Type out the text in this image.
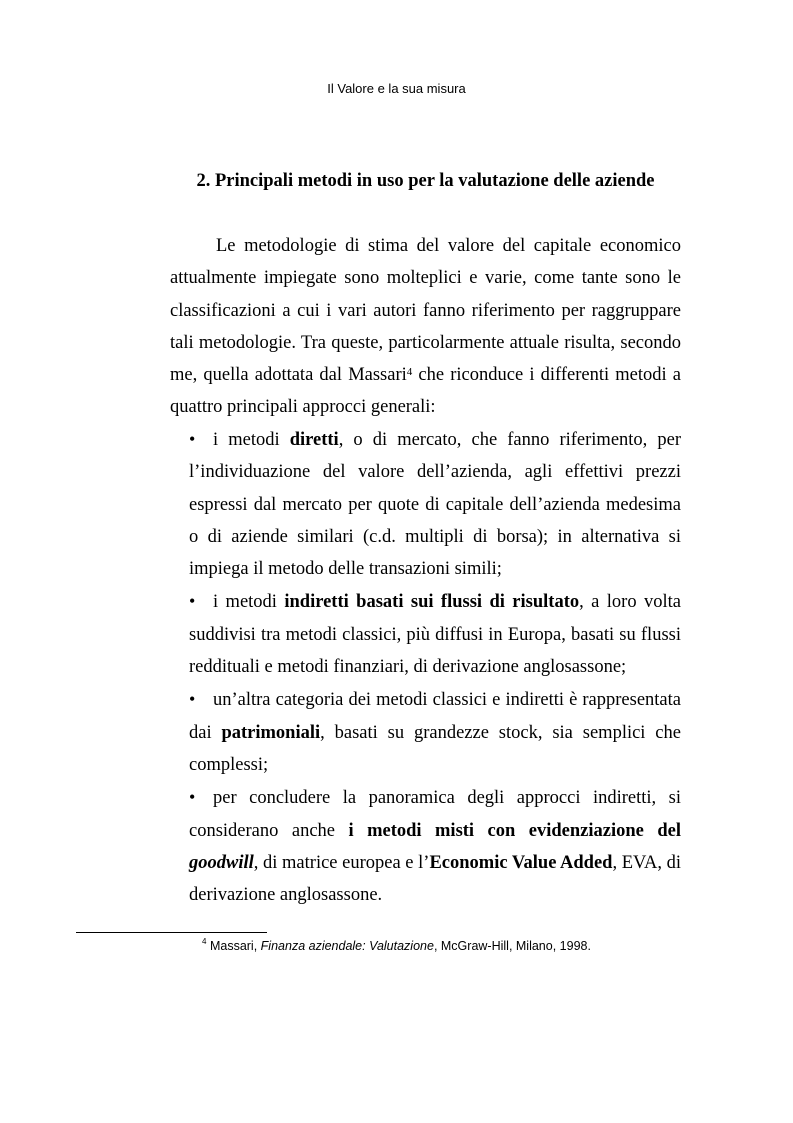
Il Valore e la sua misura
2. Principali metodi in uso per la valutazione delle aziende

Le metodologie di stima del valore del capitale economico attualmente impiegate sono molteplici e varie, come tante sono le classificazioni a cui i vari autori fanno riferimento per raggruppare tali metodologie. Tra queste, particolarmente attuale risulta, secondo me, quella adottata dal Massari$^4$ che riconduce i differenti metodi a quattro principali approcci generali:

• i metodi diretti, o di mercato, che fanno riferimento, per l’individuazione del valore dell’azienda, agli effettivi prezzi espressi dal mercato per quote di capitale dell’azienda medesima o di aziende similari (c.d. multipli di borsa); in alternativa si impiega il metodo delle transazioni simili;
• i metodi indiretti basati sui flussi di risultato, a loro volta suddivisi tra metodi classici, più diffusi in Europa, basati su flussi reddituali e metodi finanziari, di derivazione anglosassone;
• un’altra categoria dei metodi classici e indiretti è rappresentata dai patrimoniali, basati su grandezze stock, sia semplici che complessi;
• per concludere la panoramica degli approcci indiretti, si considerano anche i metodi misti con evidenziazione del goodwill, di matrice europea e l’Economic Value Added, EVA, di derivazione anglosassone.
$^4$ Massari, Finanza aziendale: Valutazione, McGraw-Hill, Milano, 1998.
